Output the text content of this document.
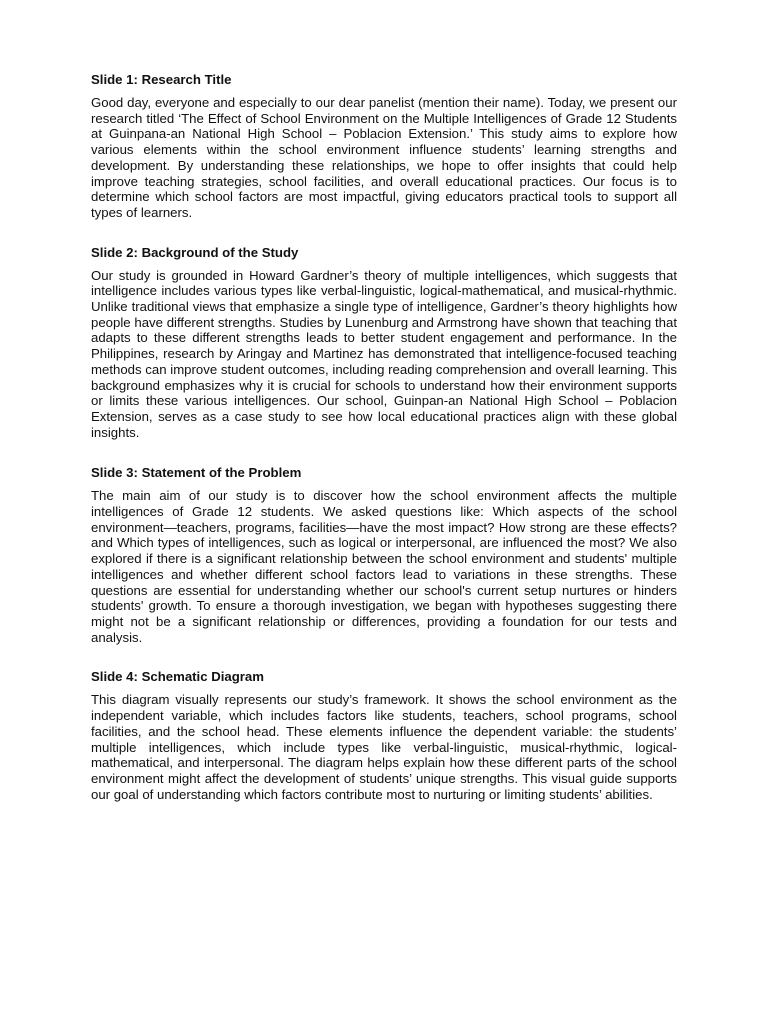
Slide 1: Research Title

Good day, everyone and especially to our dear panelist (mention their name). Today, we present our research titled ‘The Effect of School Environment on the Multiple Intelligences of Grade 12 Students at Guinpana-an National High School – Poblacion Extension.’ This study aims to explore how various elements within the school environment influence students’ learning strengths and development. By understanding these relationships, we hope to offer insights that could help improve teaching strategies, school facilities, and overall educational practices. Our focus is to determine which school factors are most impactful, giving educators practical tools to support all types of learners.

Slide 2: Background of the Study

Our study is grounded in Howard Gardner’s theory of multiple intelligences, which suggests that intelligence includes various types like verbal-linguistic, logical-mathematical, and musical-rhythmic. Unlike traditional views that emphasize a single type of intelligence, Gardner’s theory highlights how people have different strengths. Studies by Lunenburg and Armstrong have shown that teaching that adapts to these different strengths leads to better student engagement and performance. In the Philippines, research by Aringay and Martinez has demonstrated that intelligence-focused teaching methods can improve student outcomes, including reading comprehension and overall learning. This background emphasizes why it is crucial for schools to understand how their environment supports or limits these various intelligences. Our school, Guinpan-an National High School – Poblacion Extension, serves as a case study to see how local educational practices align with these global insights.

Slide 3: Statement of the Problem

The main aim of our study is to discover how the school environment affects the multiple intelligences of Grade 12 students. We asked questions like: Which aspects of the school environment—teachers, programs, facilities—have the most impact? How strong are these effects? and Which types of intelligences, such as logical or interpersonal, are influenced the most? We also explored if there is a significant relationship between the school environment and students' multiple intelligences and whether different school factors lead to variations in these strengths. These questions are essential for understanding whether our school's current setup nurtures or hinders students' growth. To ensure a thorough investigation, we began with hypotheses suggesting there might not be a significant relationship or differences, providing a foundation for our tests and analysis.

Slide 4: Schematic Diagram

This diagram visually represents our study’s framework. It shows the school environment as the independent variable, which includes factors like students, teachers, school programs, school facilities, and the school head. These elements influence the dependent variable: the students’ multiple intelligences, which include types like verbal-linguistic, musical-rhythmic, logical-mathematical, and interpersonal. The diagram helps explain how these different parts of the school environment might affect the development of students’ unique strengths. This visual guide supports our goal of understanding which factors contribute most to nurturing or limiting students’ abilities.
